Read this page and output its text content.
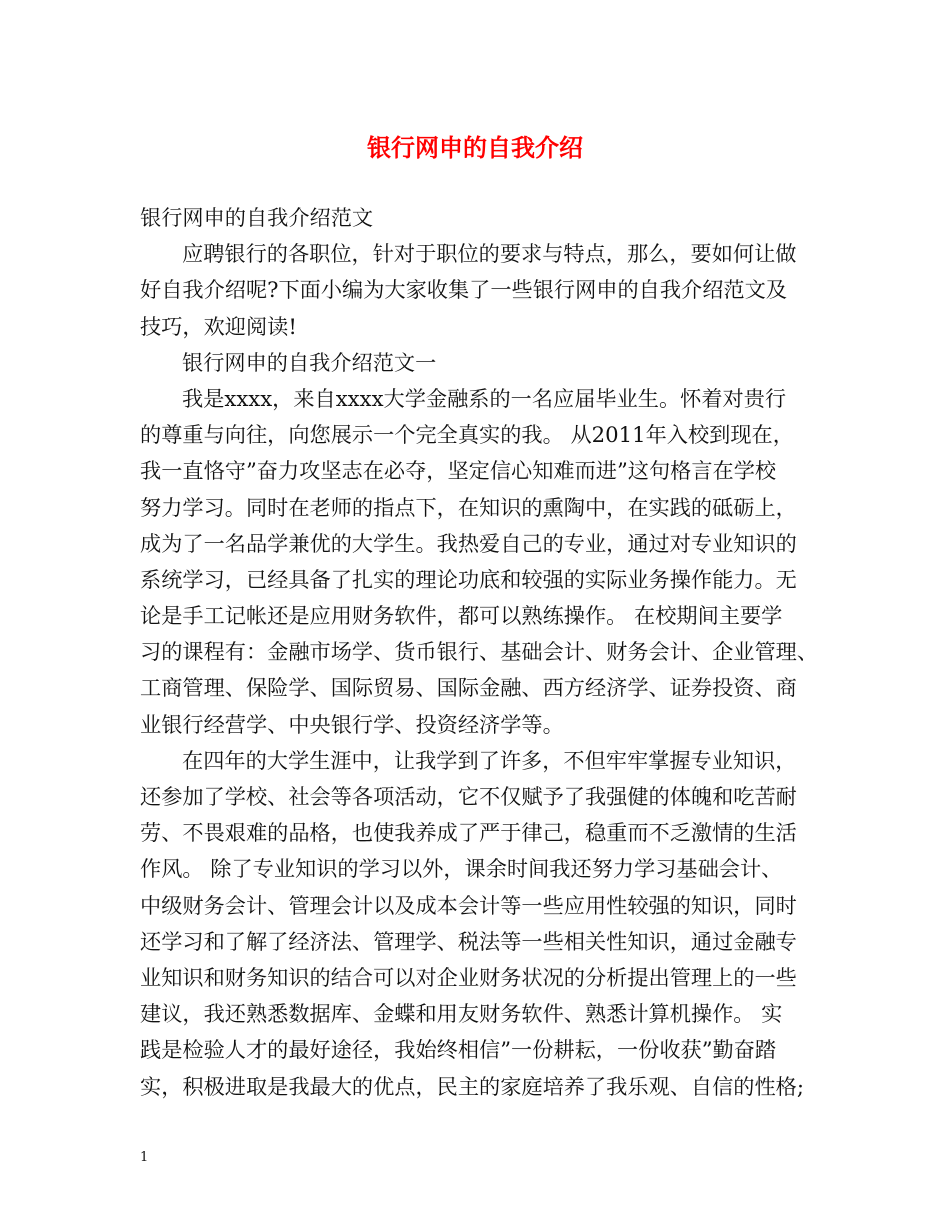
银行网申的自我介绍
银行网申的自我介绍范文
应聘银行的各职位，针对于职位的要求与特点，那么，要如何让做
好自我介绍呢?下面小编为大家收集了一些银行网申的自我介绍范文及
技巧，欢迎阅读!
银行网申的自我介绍范文一
我是xxxx，来自xxxx大学金融系的一名应届毕业生。怀着对贵行
的尊重与向往，向您展示一个完全真实的我。 从2011年入校到现在，
我一直恪守”奋力攻坚志在必夺，坚定信心知难而进”这句格言在学校
努力学习。同时在老师的指点下，在知识的熏陶中，在实践的砥砺上，
成为了一名品学兼优的大学生。我热爱自己的专业，通过对专业知识的
系统学习，已经具备了扎实的理论功底和较强的实际业务操作能力。无
论是手工记帐还是应用财务软件，都可以熟练操作。 在校期间主要学
习的课程有：金融市场学、货币银行、基础会计、财务会计、企业管理、
工商管理、保险学、国际贸易、国际金融、西方经济学、证券投资、商
业银行经营学、中央银行学、投资经济学等。
在四年的大学生涯中，让我学到了许多，不但牢牢掌握专业知识，
还参加了学校、社会等各项活动，它不仅赋予了我强健的体魄和吃苦耐
劳、不畏艰难的品格，也使我养成了严于律己，稳重而不乏激情的生活
作风。 除了专业知识的学习以外，课余时间我还努力学习基础会计、
中级财务会计、管理会计以及成本会计等一些应用性较强的知识，同时
还学习和了解了经济法、管理学、税法等一些相关性知识，通过金融专
业知识和财务知识的结合可以对企业财务状况的分析提出管理上的一些
建议，我还熟悉数据库、金蝶和用友财务软件、熟悉计算机操作。 实
践是检验人才的最好途径，我始终相信”一份耕耘，一份收获”勤奋踏
实，积极进取是我最大的优点，民主的家庭培养了我乐观、自信的性格;
1
